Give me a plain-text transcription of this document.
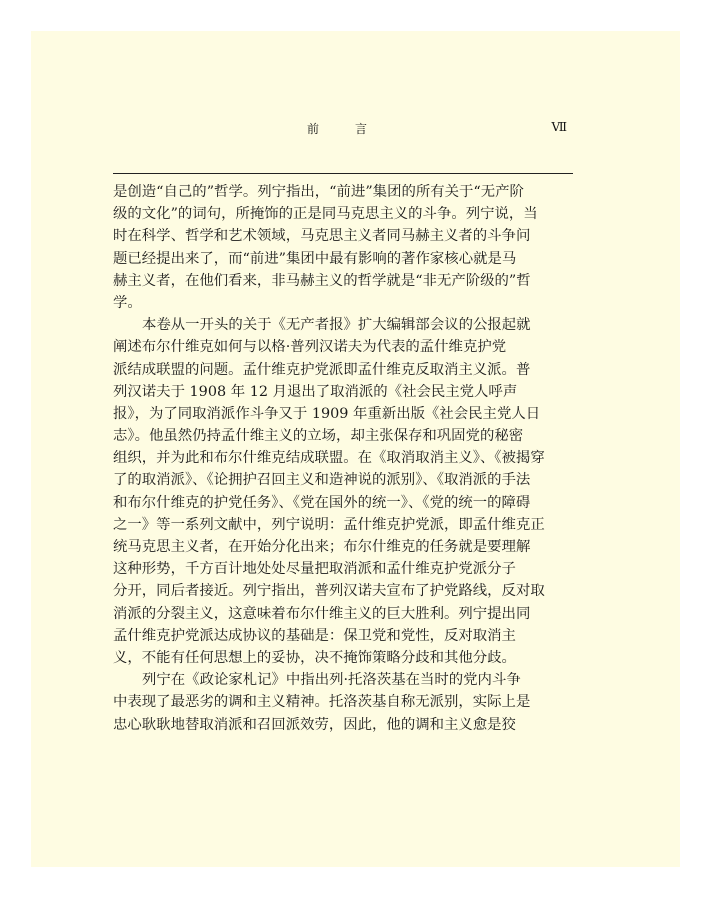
前　言	Ⅶ
是创造“自己的”哲学。列宁指出，“前进”集团的所有关于“无产阶
级的文化”的词句，所掩饰的正是同马克思主义的斗争。列宁说，当
时在科学、哲学和艺术领域，马克思主义者同马赫主义者的斗争问
题已经提出来了，而“前进”集团中最有影响的著作家核心就是马
赫主义者，在他们看来，非马赫主义的哲学就是“非无产阶级的”哲
学。
本卷从一开头的关于《无产者报》扩大编辑部会议的公报起就
阐述布尔什维克如何与以格·普列汉诺夫为代表的孟什维克护党
派结成联盟的问题。孟什维克护党派即孟什维克反取消主义派。普
列汉诺夫于 1908 年 12 月退出了取消派的《社会民主党人呼声
报》，为了同取消派作斗争又于 1909 年重新出版《社会民主党人日
志》。他虽然仍持孟什维主义的立场，却主张保存和巩固党的秘密
组织，并为此和布尔什维克结成联盟。在《取消取消主义》、《被揭穿
了的取消派》、《论拥护召回主义和造神说的派别》、《取消派的手法
和布尔什维克的护党任务》、《党在国外的统一》、《党的统一的障碍
之一》等一系列文献中，列宁说明：孟什维克护党派，即孟什维克正
统马克思主义者，在开始分化出来；布尔什维克的任务就是要理解
这种形势，千方百计地处处尽量把取消派和孟什维克护党派分子
分开，同后者接近。列宁指出，普列汉诺夫宣布了护党路线，反对取
消派的分裂主义，这意味着布尔什维主义的巨大胜利。列宁提出同
孟什维克护党派达成协议的基础是：保卫党和党性，反对取消主
义，不能有任何思想上的妥协，决不掩饰策略分歧和其他分歧。
列宁在《政论家札记》中指出列·托洛茨基在当时的党内斗争
中表现了最恶劣的调和主义精神。托洛茨基自称无派别，实际上是
忠心耿耿地替取消派和召回派效劳，因此，他的调和主义愈是狡
